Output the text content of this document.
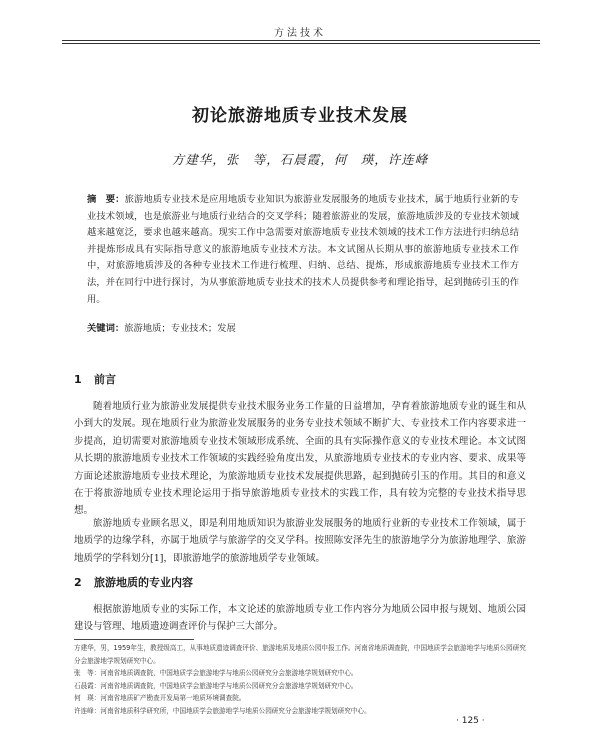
方法技术
初论旅游地质专业技术发展
方建华，张　等，石晨霞，何　瑛，许连峰
摘　要：旅游地质专业技术是应用地质专业知识为旅游业发展服务的地质专业技术，属于地质行业新的专业技术领域，也是旅游业与地质行业结合的交叉学科；随着旅游业的发展，旅游地质涉及的专业技术领域越来越宽泛，要求也越来越高。现实工作中急需要对旅游地质专业技术领域的技术工作方法进行归纳总结并提炼形成具有实际指导意义的旅游地质专业技术方法。本文试图从长期从事的旅游地质专业技术工作中，对旅游地质涉及的各种专业技术工作进行梳理、归纳、总结、提炼，形成旅游地质专业技术工作方法，并在同行中进行探讨，为从事旅游地质专业技术的技术人员提供参考和理论指导，起到抛砖引玉的作用。
关键词：旅游地质；专业技术；发展
1 前言
随着地质行业为旅游业发展提供专业技术服务业务工作量的日益增加，孕育着旅游地质专业的诞生和从小到大的发展。现在地质行业为旅游业发展服务的业务专业技术领域不断扩大、专业技术工作内容要求进一步提高，迫切需要对旅游地质专业技术领域形成系统、全面的具有实际操作意义的专业技术理论。本文试图从长期的旅游地质专业技术工作领域的实践经验角度出发，从旅游地质专业技术的专业内容、要求、成果等方面论述旅游地质专业技术理论，为旅游地质专业技术发展提供思路，起到抛砖引玉的作用。其目的和意义在于将旅游地质专业技术理论运用于指导旅游地质专业技术的实践工作，具有较为完整的专业技术指导思想。
旅游地质专业顾名思义，即是利用地质知识为旅游业发展服务的地质行业新的专业技术工作领域，属于地质学的边缘学科，亦属于地质学与旅游学的交叉学科。按照陈安泽先生的旅游地学分为旅游地理学、旅游地质学的学科划分[1]，即旅游地学的旅游地质学专业领域。
2 旅游地质的专业内容
根据旅游地质专业的实际工作，本文论述的旅游地质专业工作内容分为地质公园申报与规划、地质公园建设与管理、地质遗迹调查评价与保护三大部分。
方建华，男，1959年生，教授级高工，从事地质遗迹调查评价、旅游地质及地质公园申报工作。河南省地质调查院，中国地质学会旅游地学与地质公园研究分会旅游地学规划研究中心。
张　等：河南省地质调查院，中国地质学会旅游地学与地质公园研究分会旅游地学规划研究中心。
石晨霞：河南省地质调查院，中国地质学会旅游地学与地质公园研究分会旅游地学规划研究中心。
何　瑛：河南省地质矿产勘查开发局第一地质环境调查院。
许连峰：河南省地质科学研究所，中国地质学会旅游地学与地质公园研究分会旅游地学规划研究中心。
· 125 ·
